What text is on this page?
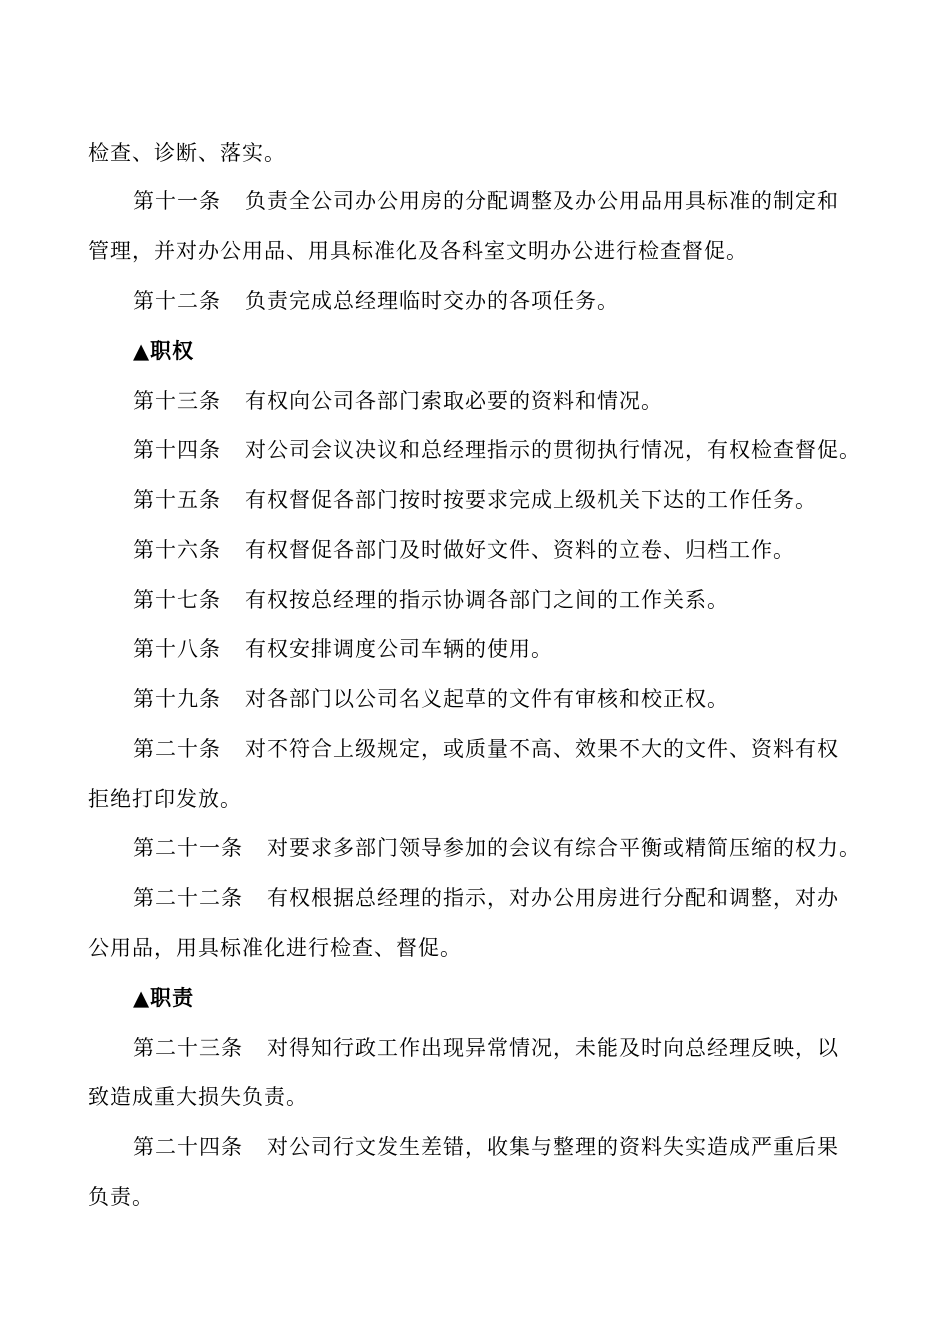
检查、诊断、落实。
第十一条 负责全公司办公用房的分配调整及办公用品用具标准的制定和
管理，并对办公用品、用具标准化及各科室文明办公进行检查督促。
第十二条 负责完成总经理临时交办的各项任务。
▲职权
第十三条 有权向公司各部门索取必要的资料和情况。
第十四条 对公司会议决议和总经理指示的贯彻执行情况，有权检查督促。
第十五条 有权督促各部门按时按要求完成上级机关下达的工作任务。
第十六条 有权督促各部门及时做好文件、资料的立卷、归档工作。
第十七条 有权按总经理的指示协调各部门之间的工作关系。
第十八条 有权安排调度公司车辆的使用。
第十九条 对各部门以公司名义起草的文件有审核和校正权。
第二十条 对不符合上级规定，或质量不高、效果不大的文件、资料有权
拒绝打印发放。
第二十一条 对要求多部门领导参加的会议有综合平衡或精简压缩的权力。
第二十二条 有权根据总经理的指示，对办公用房进行分配和调整，对办
公用品，用具标准化进行检查、督促。
▲职责
第二十三条 对得知行政工作出现异常情况，未能及时向总经理反映，以
致造成重大损失负责。
第二十四条 对公司行文发生差错，收集与整理的资料失实造成严重后果
负责。
